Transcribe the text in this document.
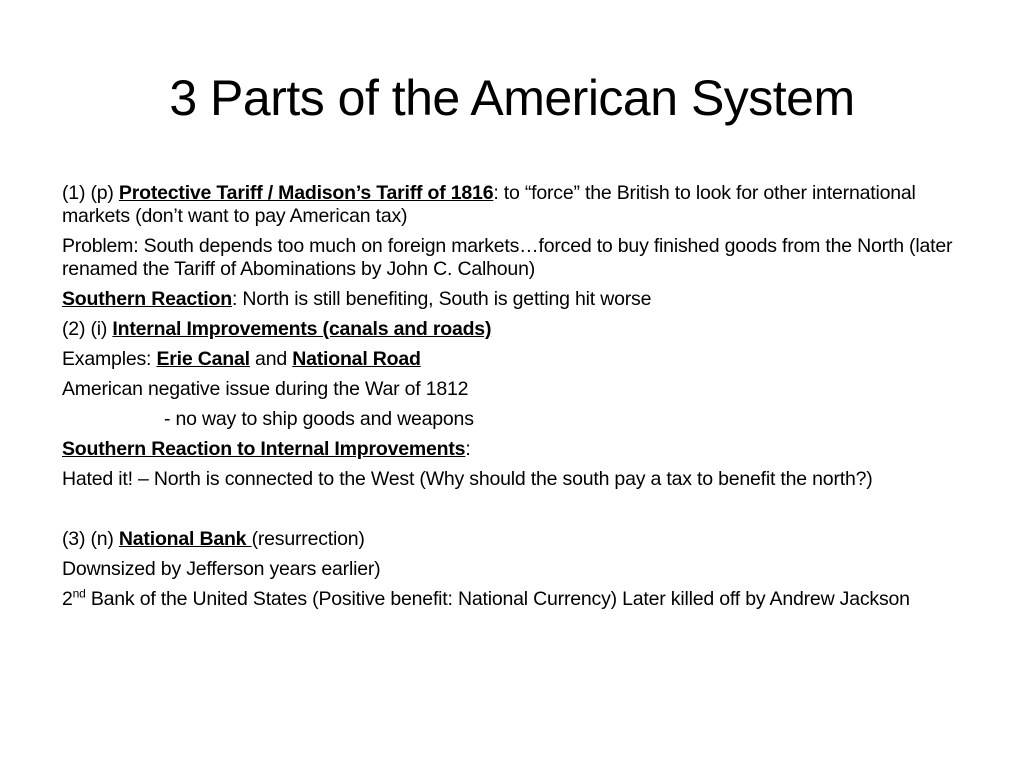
3 Parts of the American System
(1) (p) Protective Tariff / Madison’s Tariff of 1816: to “force” the British to look for other international markets (don’t want to pay American tax)
Problem: South depends too much on foreign markets…forced to buy finished goods from the North (later renamed the Tariff of Abominations by John C. Calhoun)
Southern Reaction: North is still benefiting, South is getting hit worse
(2) (i) Internal Improvements (canals and roads)
Examples: Erie Canal and National Road
American negative issue during the War of 1812
- no way to ship goods and weapons
Southern Reaction to Internal Improvements:
Hated it! – North is connected to the West (Why should the south pay a tax to benefit the north?)
(3) (n) National Bank (resurrection)
Downsized by Jefferson years earlier)
2nd Bank of the United States (Positive benefit: National Currency) Later killed off by Andrew Jackson
